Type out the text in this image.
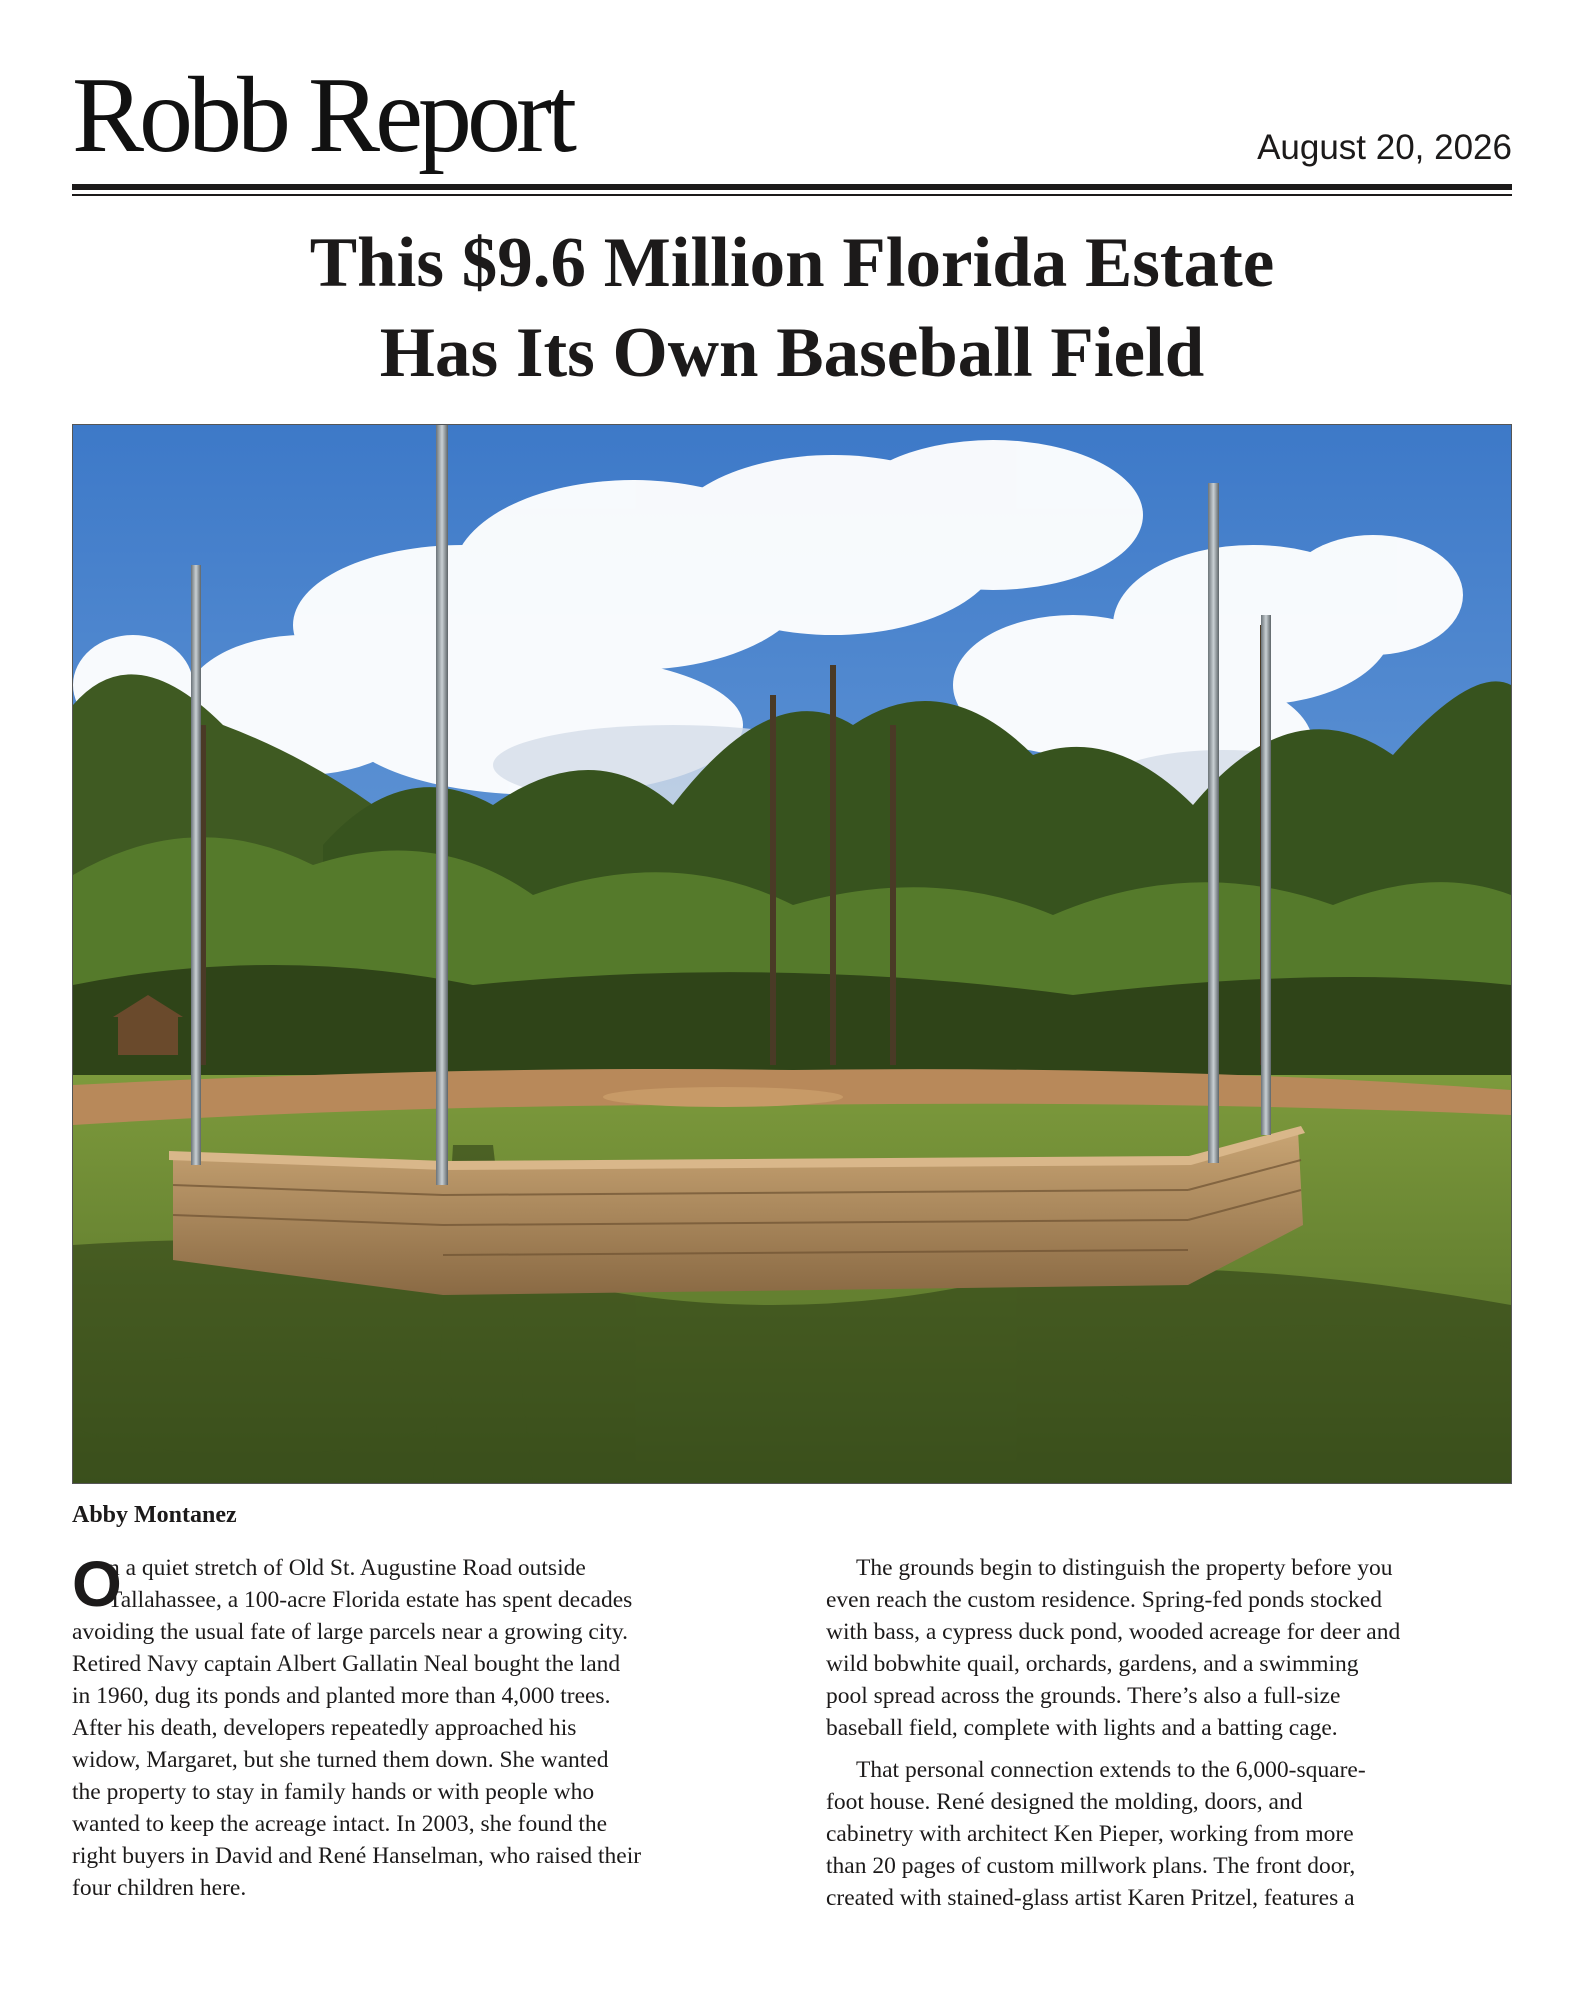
Robb Report	August 20, 2026
This $9.6 Million Florida Estate
Has Its Own Baseball Field
Abby Montanez
O
n a quiet stretch of Old St. Augustine Road outside
Tallahassee, a 100-acre Florida estate has spent decades
avoiding the usual fate of large parcels near a growing city.
Retired Navy captain Albert Gallatin Neal bought the land
in 1960, dug its ponds and planted more than 4,000 trees.
After his death, developers repeatedly approached his
widow, Margaret, but she turned them down. She wanted
the property to stay in family hands or with people who
wanted to keep the acreage intact. In 2003, she found the
right buyers in David and René Hanselman, who raised their
four children here.
The grounds begin to distinguish the property before you
even reach the custom residence. Spring-fed ponds stocked
with bass, a cypress duck pond, wooded acreage for deer and
wild bobwhite quail, orchards, gardens, and a swimming
pool spread across the grounds. There’s also a full-size
baseball field, complete with lights and a batting cage.
That personal connection extends to the 6,000-square-
foot house. René designed the molding, doors, and
cabinetry with architect Ken Pieper, working from more
than 20 pages of custom millwork plans. The front door,
created with stained-glass artist Karen Pritzel, features a
